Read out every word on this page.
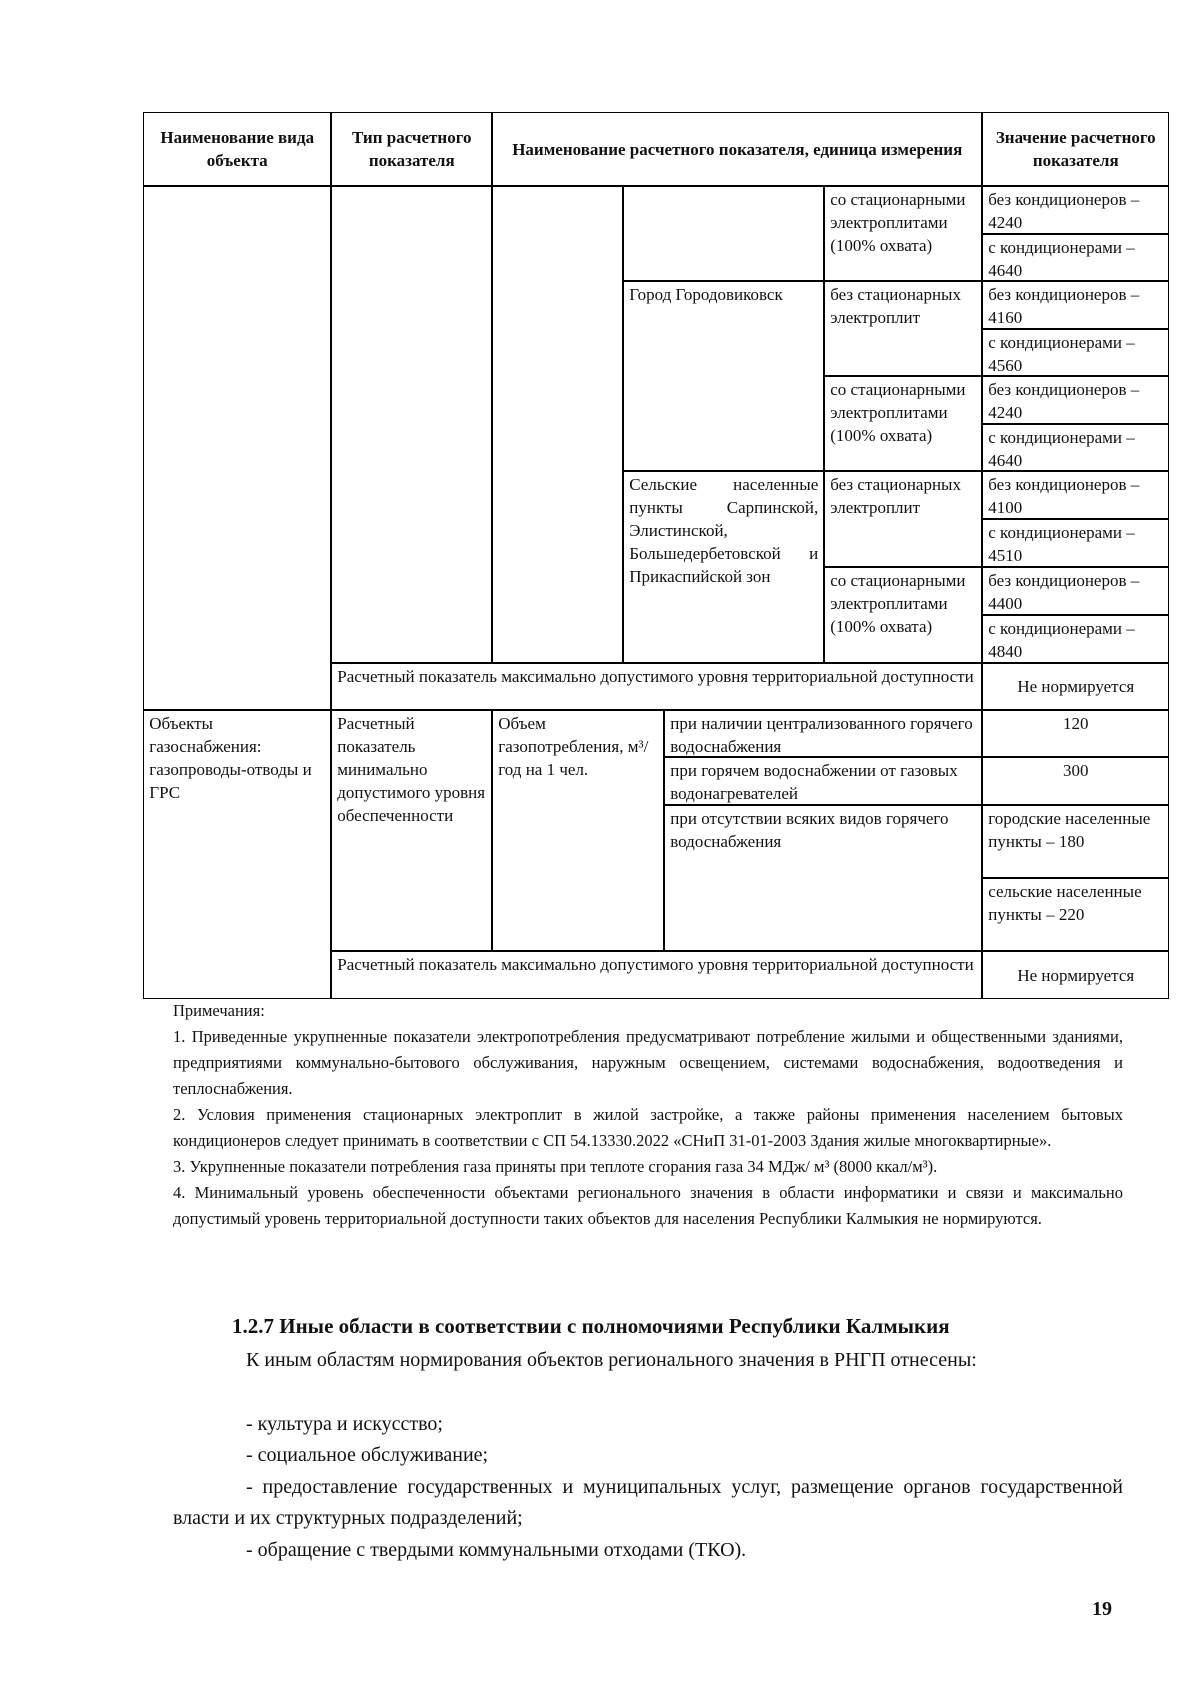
Наименование вида объекта
Тип расчетного показателя
Наименование расчетного показателя, единица измерения
Значение расчетного показателя
со стационарными электроплитами (100% охвата)
без кондиционеров – 4240
с кондиционерами – 4640
Город Городовиковск	без стационарных электроплит
без кондиционеров – 4160
с кондиционерами – 4560
со стационарными электроплитами (100% охвата)
без кондиционеров – 4240
с кондиционерами – 4640
Сельские населенные пункты Сарпинской, Элистинской, Большедербетовской и Прикаспийской зон
без стационарных электроплит
без кондиционеров – 4100
с кондиционерами – 4510
со стационарными электроплитами (100% охвата)
без кондиционеров – 4400
с кондиционерами – 4840
Расчетный показатель максимально допустимого уровня территориальной доступности
Не нормируется
Объекты газоснабжения: газопроводы-отводы и ГРС
Расчетный показатель минимально допустимого уровня обеспеченности
Объем газопотребления, м³/год на 1 чел.
при наличии централизованного горячего водоснабжения
120
при горячем водоснабжении от газовых водонагревателей
300
при отсутствии всяких видов горячего водоснабжения
городские населенные пункты – 180
сельские населенные пункты – 220
Расчетный показатель максимально допустимого уровня территориальной доступности
Не нормируется

Примечания:

1. Приведенные укрупненные показатели электропотребления предусматривают потребление жилыми и общественными зданиями, предприятиями коммунально-бытового обслуживания, наружным освещением, системами водоснабжения, водоотведения и теплоснабжения.

2. Условия применения стационарных электроплит в жилой застройке, а также районы применения населением бытовых кондиционеров следует принимать в соответствии с СП 54.13330.2022 «СНиП 31-01-2003 Здания жилые многоквартирные».

3. Укрупненные показатели потребления газа приняты при теплоте сгорания газа 34 МДж/ м³ (8000 ккал/м³).

4. Минимальный уровень обеспеченности объектами регионального значения в области информатики и связи и максимально допустимый уровень территориальной доступности таких объектов для населения Республики Калмыкия не нормируются.

1.2.7 Иные области в соответствии с полномочиями Республики Калмыкия
К иным областям нормирования объектов регионального значения в РНГП отнесены:
- культура и искусство;
- социальное обслуживание;
- предоставление государственных и муниципальных услуг, размещение органов государственной власти и их структурных подразделений;
- обращение с твердыми коммунальными отходами (ТКО).
19
